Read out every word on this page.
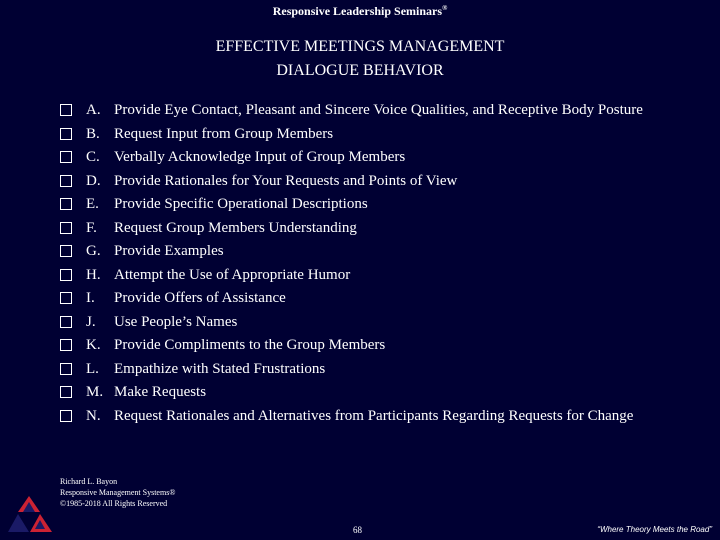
Responsive Leadership Seminars®
EFFECTIVE MEETINGS MANAGEMENT
DIALOGUE BEHAVIOR
A. Provide Eye Contact, Pleasant and Sincere Voice Qualities, and Receptive Body Posture
B. Request Input from Group Members
C. Verbally Acknowledge Input of Group Members
D. Provide Rationales for Your Requests and Points of View
E.	Provide Specific Operational Descriptions
F.	Request Group Members Understanding
G. Provide Examples
H. Attempt the Use of Appropriate Humor
I.	Provide Offers of Assistance
J.	Use People’s Names
K. Provide Compliments to the Group Members
L.	Empathize with Stated Frustrations
M. Make Requests
N. Request Rationales and Alternatives from Participants Regarding Requests for Change
Richard L. Bayon
Responsive Management Systems®
©1985-2018 All Rights Reserved
68	“Where Theory Meets the Road”
